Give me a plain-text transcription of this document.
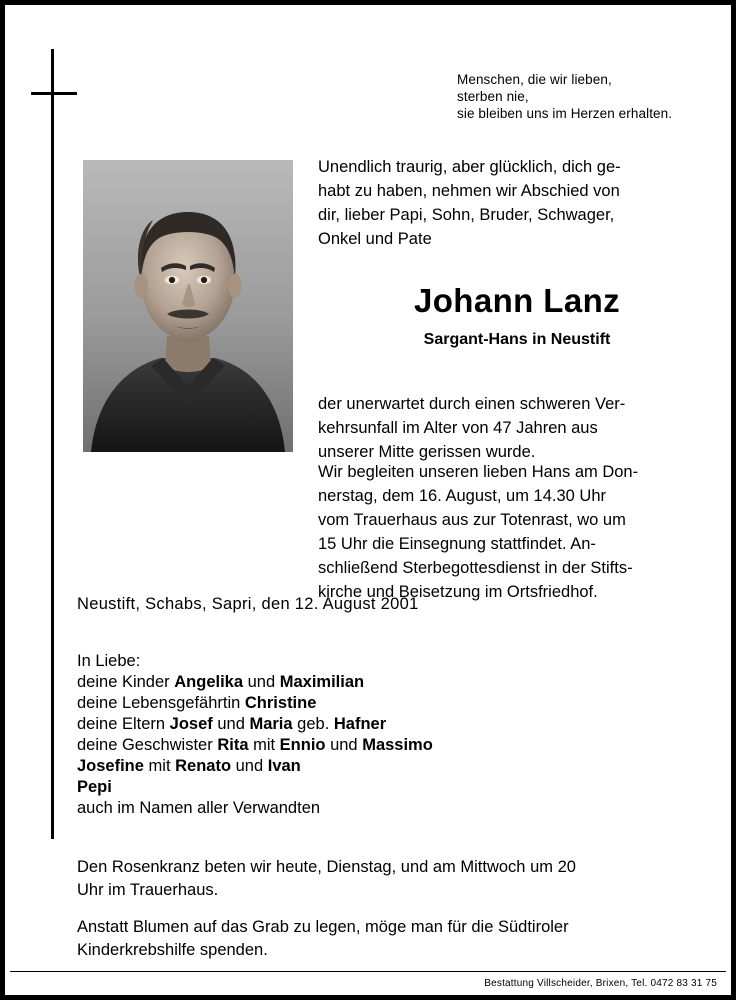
Menschen, die wir lieben,
sterben nie,
sie bleiben uns im Herzen erhalten.
Unendlich traurig, aber glücklich, dich ge-
habt zu haben, nehmen wir Abschied von
dir, lieber Papi, Sohn, Bruder, Schwager,
Onkel und Pate
Johann Lanz
Sargant-Hans in Neustift
der unerwartet durch einen schweren Ver-
kehrsunfall im Alter von 47 Jahren aus
unserer Mitte gerissen wurde.
Wir begleiten unseren lieben Hans am Don-
nerstag, dem 16. August, um 14.30 Uhr
vom Trauerhaus aus zur Totenrast, wo um
15 Uhr die Einsegnung stattfindet. An-
schließend Sterbegottesdienst in der Stifts-
kirche und Beisetzung im Ortsfriedhof.
Neustift, Schabs, Sapri, den 12. August 2001
In Liebe:
deine Kinder Angelika und Maximilian
deine Lebensgefährtin Christine
deine Eltern Josef und Maria geb. Hafner
deine Geschwister Rita mit Ennio und Massimo
Josefine mit Renato und Ivan
Pepi
auch im Namen aller Verwandten
Den Rosenkranz beten wir heute, Dienstag, und am Mittwoch um 20
Uhr im Trauerhaus.
Anstatt Blumen auf das Grab zu legen, möge man für die Südtiroler
Kinderkrebshilfe spenden.
Bestattung Villscheider, Brixen, Tel. 0472 83 31 75
